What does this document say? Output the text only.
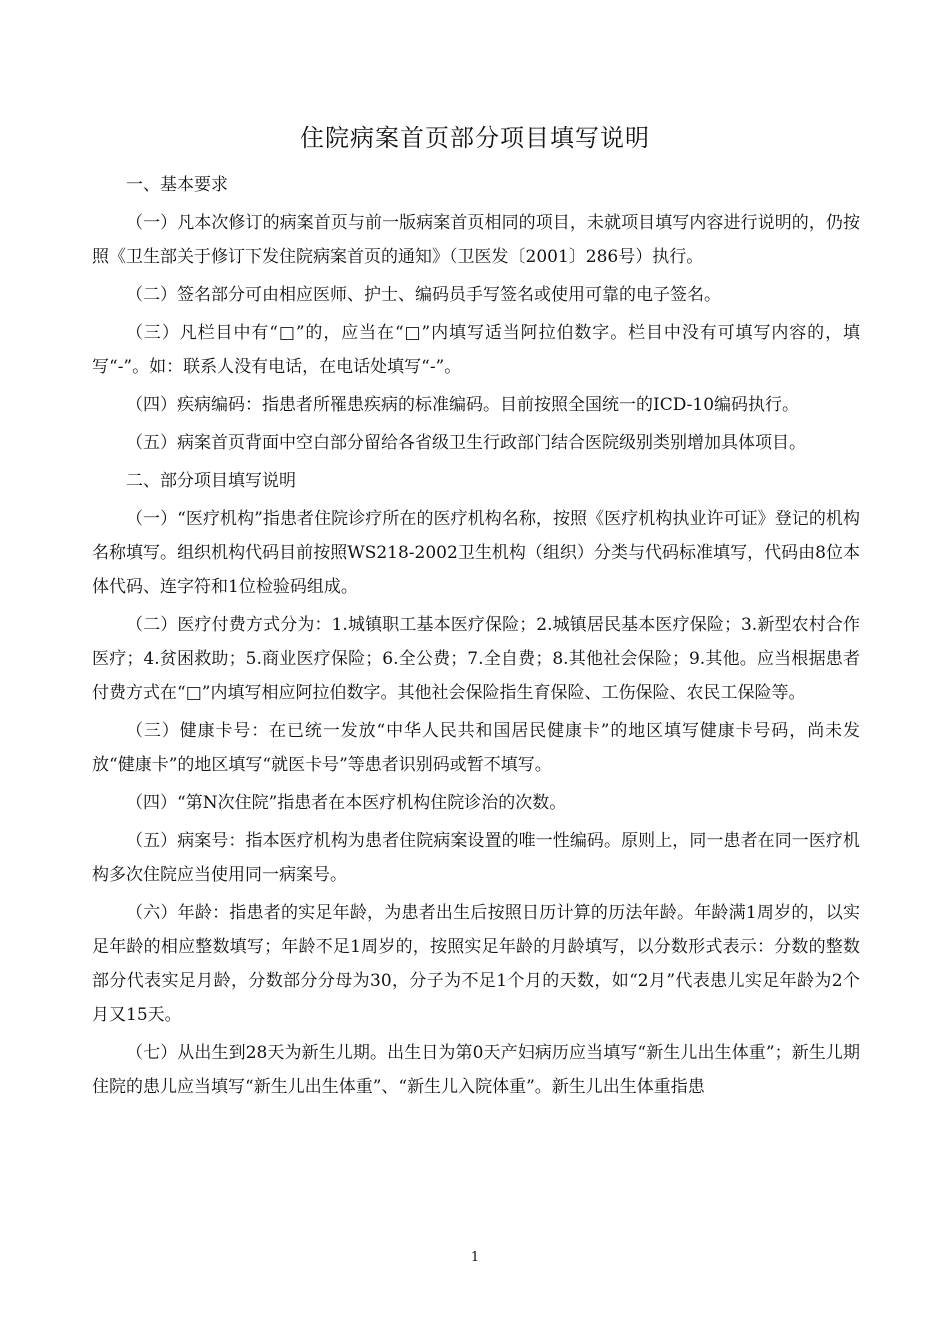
住院病案首页部分项目填写说明

一、基本要求

（一）凡本次修订的病案首页与前一版病案首页相同的项目，未就项目填写内容进行说明的，仍按照《卫生部关于修订下发住院病案首页的通知》（卫医发〔2001〕286号）执行。

（二）签名部分可由相应医师、护士、编码员手写签名或使用可靠的电子签名。

（三）凡栏目中有“□”的，应当在“□”内填写适当阿拉伯数字。栏目中没有可填写内容的，填写“-”。如：联系人没有电话，在电话处填写“-”。

（四）疾病编码：指患者所罹患疾病的标准编码。目前按照全国统一的ICD-10编码执行。

（五）病案首页背面中空白部分留给各省级卫生行政部门结合医院级别类别增加具体项目。

二、部分项目填写说明

（一）“医疗机构”指患者住院诊疗所在的医疗机构名称，按照《医疗机构执业许可证》登记的机构名称填写。组织机构代码目前按照WS218-2002卫生机构（组织）分类与代码标准填写，代码由8位本体代码、连字符和1位检验码组成。

（二）医疗付费方式分为：1.城镇职工基本医疗保险；2.城镇居民基本医疗保险；3.新型农村合作医疗；4.贫困救助；5.商业医疗保险；6.全公费；7.全自费；8.其他社会保险；9.其他。应当根据患者付费方式在“□”内填写相应阿拉伯数字。其他社会保险指生育保险、工伤保险、农民工保险等。

（三）健康卡号：在已统一发放“中华人民共和国居民健康卡”的地区填写健康卡号码，尚未发放“健康卡”的地区填写“就医卡号”等患者识别码或暂不填写。

（四）“第N次住院”指患者在本医疗机构住院诊治的次数。

（五）病案号：指本医疗机构为患者住院病案设置的唯一性编码。原则上，同一患者在同一医疗机构多次住院应当使用同一病案号。

（六）年龄：指患者的实足年龄，为患者出生后按照日历计算的历法年龄。年龄满1周岁的，以实足年龄的相应整数填写；年龄不足1周岁的，按照实足年龄的月龄填写，以分数形式表示：分数的整数部分代表实足月龄，分数部分分母为30，分子为不足1个月的天数，如“2月”代表患儿实足年龄为2个月又15天。

（七）从出生到28天为新生儿期。出生日为第0天产妇病历应当填写“新生儿出生体重”；新生儿期住院的患儿应当填写“新生儿出生体重”、“新生儿入院体重”。新生儿出生体重指患

1
